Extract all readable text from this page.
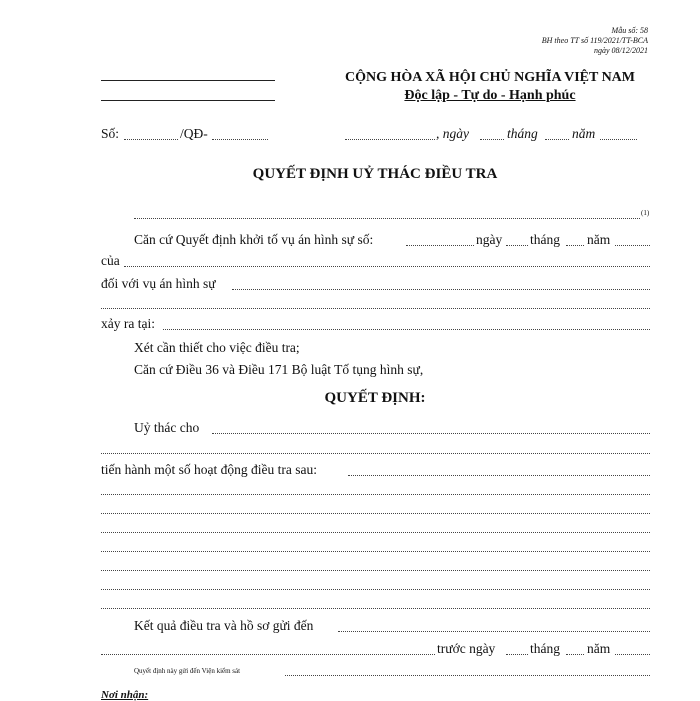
Mẫu số: 58
BH theo TT số 119/2021/TT-BCA
ngày 08/12/2021
CỘNG HÒA XÃ HỘI CHỦ NGHĨA VIỆT NAM
Độc lập - Tự do - Hạnh phúc
Số:	/QĐ-	, ngày	tháng	năm
QUYẾT ĐỊNH UỶ THÁC ĐIỀU TRA
(1)
Căn cứ Quyết định khởi tố vụ án hình sự số:	ngày tháng năm
của
đối với vụ án hình sự
xảy ra tại:
Xét cần thiết cho việc điều tra;
Căn cứ Điều 36 và Điều 171 Bộ luật Tố tụng hình sự,
QUYẾT ĐỊNH:
Uỷ thác cho
tiến hành một số hoạt động điều tra sau:
Kết quả điều tra và hồ sơ gửi đến
trước ngày	tháng năm
Quyết định này gửi đến Viện kiểm sát
Nơi nhận:
